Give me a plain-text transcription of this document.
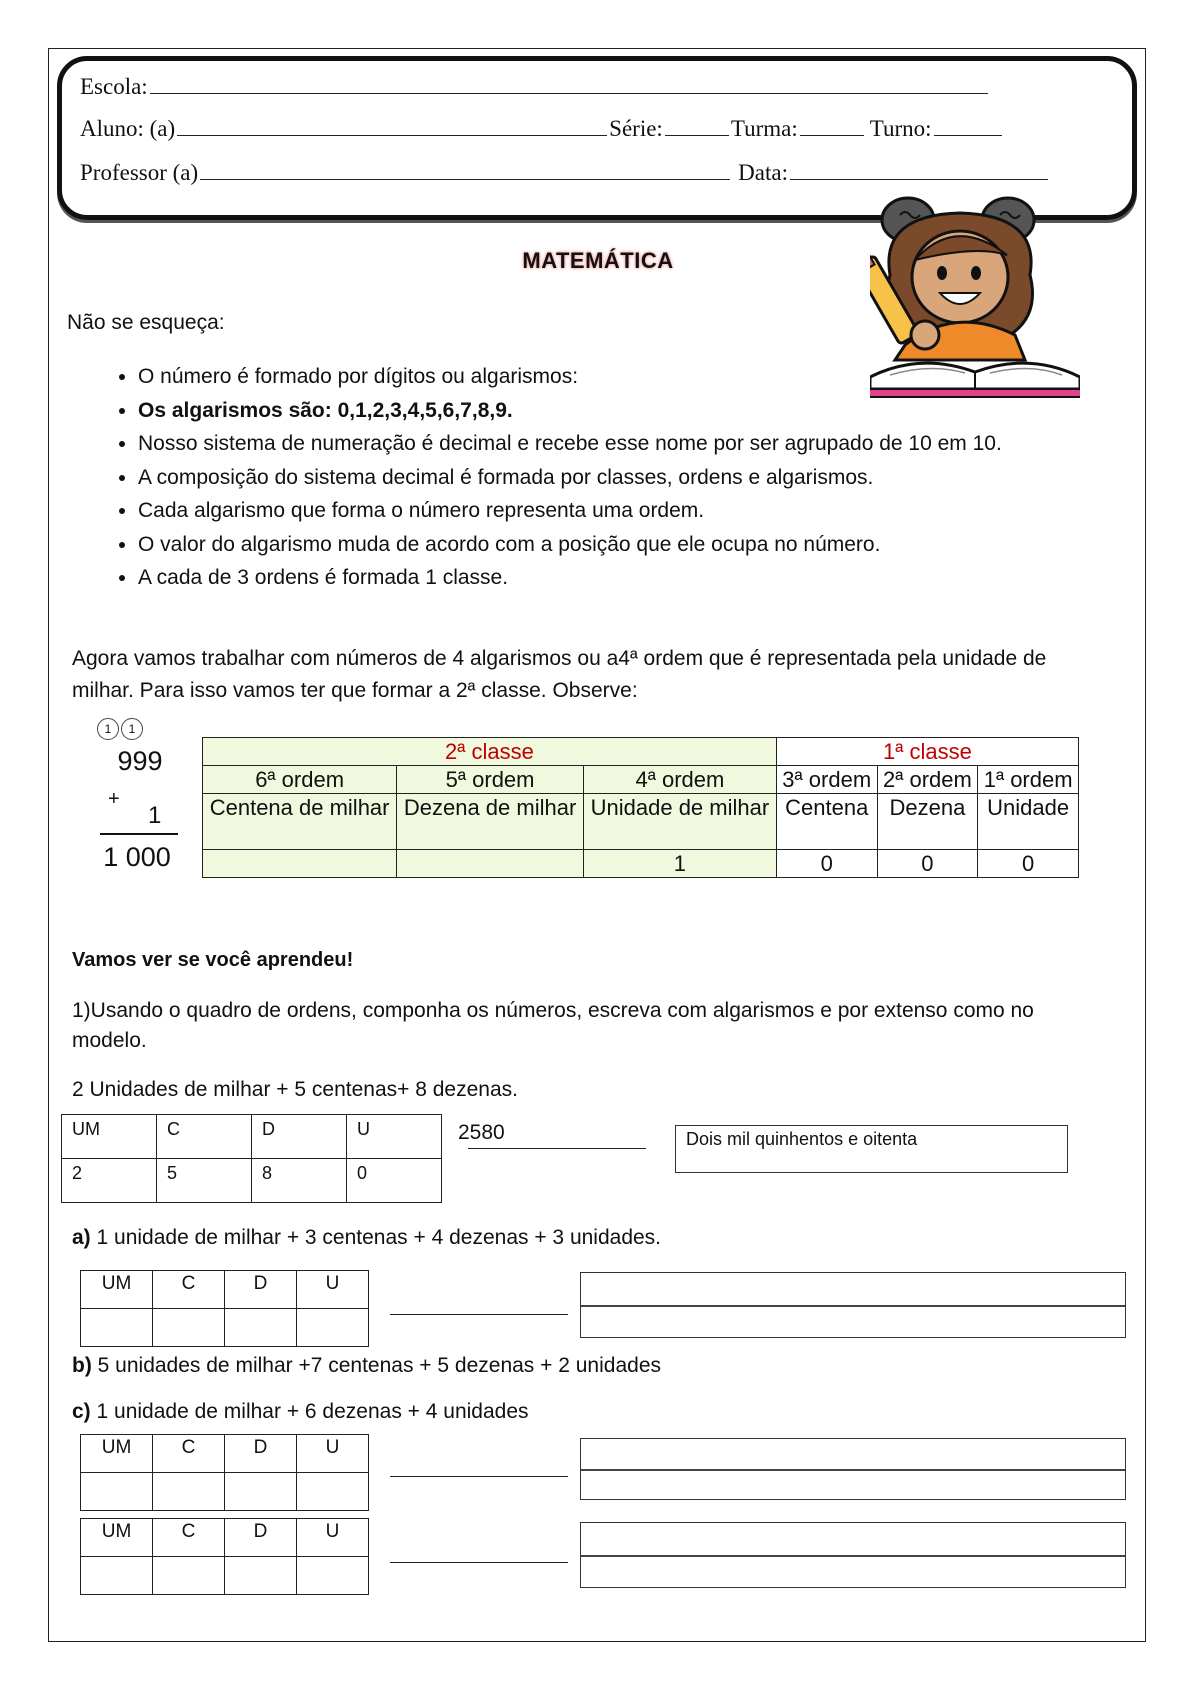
Escola:
Aluno: (a)	Série:	Turma:	Turno:
Professor (a)	Data:
MATEMÁTICA
Não se esqueça:
• O número é formado por dígitos ou algarismos:
• Os algarismos são: 0,1,2,3,4,5,6,7,8,9.
• Nosso sistema de numeração é decimal e recebe esse nome por ser agrupado de 10 em 10.
• A composição do sistema decimal é formada por classes, ordens e algarismos.
• Cada algarismo que forma o número representa uma ordem.
• O valor do algarismo muda de acordo com a posição que ele ocupa no número.
• A cada de 3 ordens é formada 1 classe.
Agora vamos trabalhar com números de 4 algarismos ou a4ª ordem que é representada pela unidade de milhar. Para isso vamos ter que formar a 2ª classe. Observe:
1	1
999
+
1
1 000
2ª classe			1ª classe		
6ª ordem	5ª ordem	4ª ordem	3ª ordem	2ª ordem	1ª ordem
Centena de milhar	Dezena de milhar	Unidade de milhar	Centena	Dezena	Unidade
		1	0	0	0
Vamos ver se você aprendeu!
1)Usando o quadro de ordens, componha os números, escreva com algarismos e por extenso como no modelo.
2 Unidades de milhar + 5 centenas+ 8 dezenas.
UM	C	D	U
2	5	8	0
2580	Dois mil quinhentos e oitenta
a) 1 unidade de milhar + 3 centenas + 4 dezenas + 3 unidades.
UM	C	D	U

b) 5 unidades de milhar +7 centenas + 5 dezenas + 2 unidades
c) 1 unidade de milhar + 6 dezenas + 4 unidades
UM	C	D	U

UM	C	D	U
